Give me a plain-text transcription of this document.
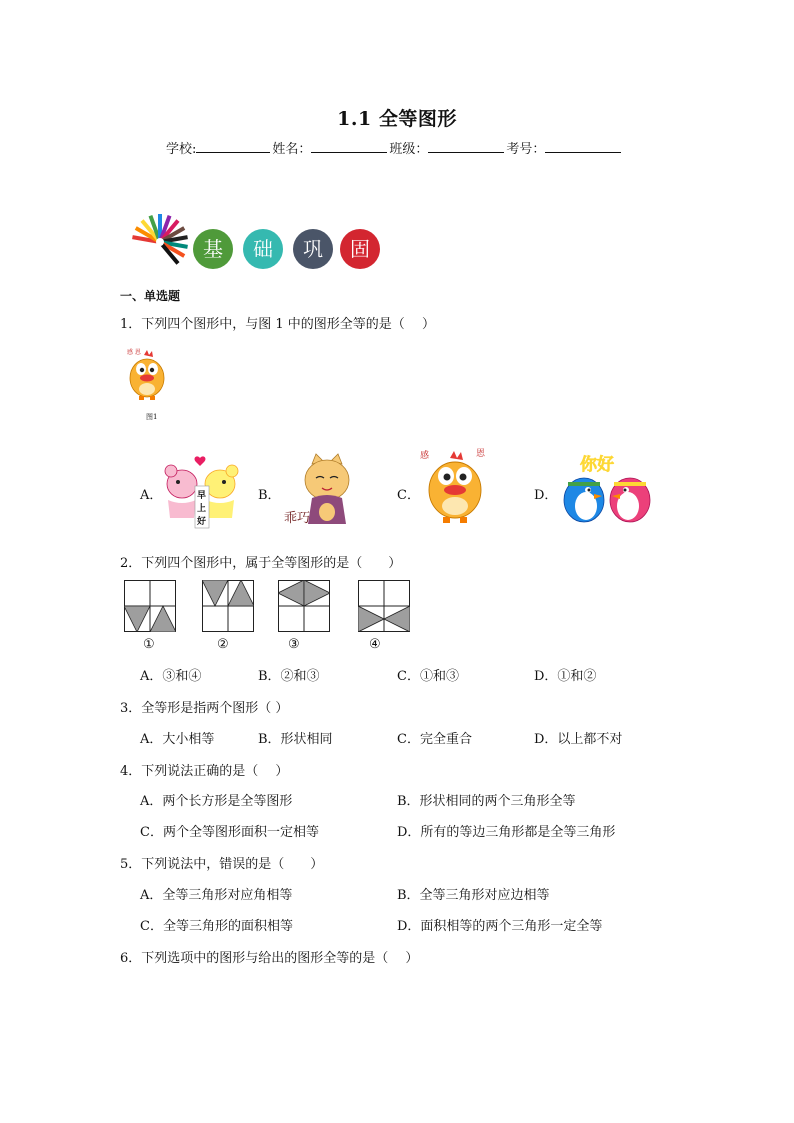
1.1 全等图形
学校:	姓名：	班级：	考号：
基	础	巩	固
一、单选题
1．下列四个图形中，与图 1 中的图形全等的是（　 ）
感 恩
图1
A．	早
上
好
B．
乖巧
C．
感	恩
D．
你好
2．下列四个图形中，属于全等图形的是（　　）
①	②	③	④
A．③和④	B．②和③	C．①和③	D．①和②
3．全等形是指两个图形（ ）
A．大小相等	B．形状相同	C．完全重合	D．以上都不对
4．下列说法正确的是（　 ）
A．两个长方形是全等图形	B．形状相同的两个三角形全等
C．两个全等图形面积一定相等	D．所有的等边三角形都是全等三角形
5．下列说法中，错误的是（　　）
A．全等三角形对应角相等	B．全等三角形对应边相等
C．全等三角形的面积相等	D．面积相等的两个三角形一定全等
6．下列选项中的图形与给出的图形全等的是（　 ）
